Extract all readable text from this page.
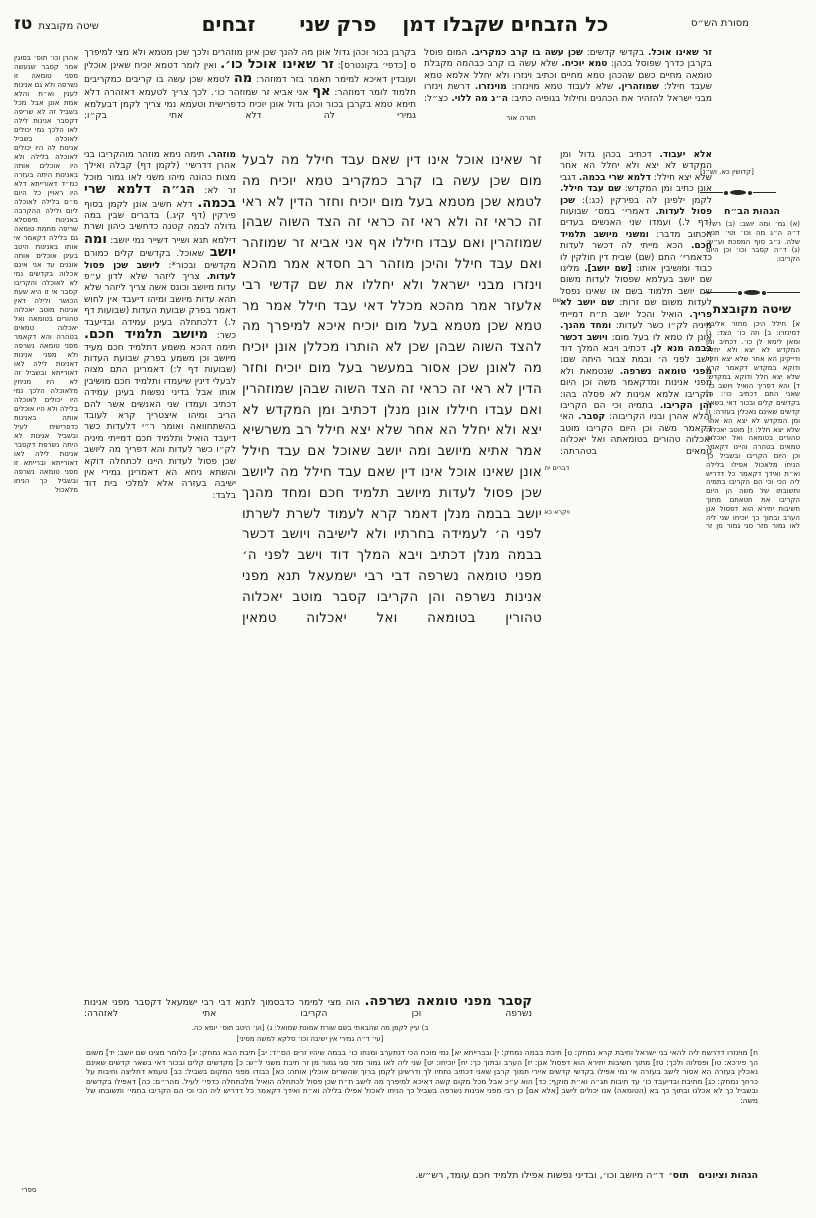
טז שיטה מקובצת	כל הזבחים שקבלו דמןפרק שניזבחים	מסורת הש״ס
אהרן וכו׳ תוס׳ בסוגין אמר קסבר שנעשה מפני טומאה זו נשרפה ולא גם אנינות לענין וא״ת והלא אמת אונן אבל מכל בשביל זה לא שריפה דקסבר אנינות לילה לאו הלכך נמי יכולים לאוכלה בשביל אנינות לה היו יכולים לאוכלה בלילה ולא היו אוכלים אותה באנינות היתה בעזרה כמ״ד דאורייתא דלא היו ראויין כל היום מ״ם בלילה לאוכלה ליום ולילה ההקרבה באנינות מיפסלא שריפה מחמת טומאה גם בלילה דקאמר אי אותו באנינות היטב בעינן אוכלים אותה אוננים עד אני אינם אכלוה בקדשים נמי לא לאוכלה והקריבו קסבר אי זו היא שעת הכושר ולילה דאין אנינות מוטב יאכלוה טהורים בטומאה ואל יאכלוה טמאים בטהרה והא דקאמר מפני טומאה נשרפה ולא מפני אנינות דאנינות לילה לאו דאורייתא ובשביל זה לא היו מניחין מלאוכלה הלכך נמי היו יכולים לאוכלה בלילה ולא היו אוכלים אותה באנינות כדפרישית לעיל ובשביל אגינות לא היתה נשרפת דקסבר אנינות לילה לאו דאורייתא וברייתא זו מפני טומאה נשרפה ובשביל כך הניחו מלאכול
בקרבן בכור וכהן גדול אונן מה להנך שכן אינן מוזהרים ולכך שכן מטמא ולא מצי למיפרך ס [כדפי׳ בקונטרס]: זר שאינו אוכל כו׳. ואין לומר דטמא יוכיח שאינן אוכלין ועובדין דאיכא למימר תאמר בזר דמוזהר: מה לטמא שכן עשה בו קריבים כמקריבים תלמוד לומר דמוזהר: אף אני אביא זר שמוזהר כו׳. לכך צריך לטעמא דאזהרה דלא תימא טמא בקרבן בכור וכהן גדול אונן יוכיח כדפרישית וטעמא נמי צריך לקמן דבעלמא גמירי לה דלא אתי בק״ו:
זר שאינו אוכל. בקדשי קדשים: שכן עשה בו קרב כמקריב. המום פוסל בקרבן כדרך שפוסל בכהן: טמא יוכיח. שלא עשה בו קרב כבהמה מקבלת טומאה מחיים כשם שהכהן טמא מחיים וכתיב וינזרו ולא יחלל אלמא טמא שעבד חילל: שמוזהרין. שלא לעבוד טמא מוינזרו: מוינזרו. דרשת וינזרו מבני ישראל להזהיר את הכהנים וחילול בגופיה כתיב: ה״ג מה ללוי. כצ״ל:
תורה אור
מוזהר. תימה נימא מוזהר מוהקריבו בני אהרן דדרשי׳ (לקמן דף) קבלה ואילך מצות כהונה מיהו משני לאו גמור מוכל זר לא: הג״ה דלמא שרי בכמה. דלא חשיב אונן לקמן בסוף פירקין (דף קיג.) בדברים שבין במה גדולה לבמה קטנה כדחשיב כיהון ושרת דילמא תנא ושייר דשייר נמי יושב: ומה יושב שאוכל. בקדשים קלים כמורם מקדשים ובכור*: ליושב שכן פסול לעדות. צריך ליזהר שלא לדון ע״פ עדות מיושב וכונס אשה צריך ליזהר שלא תהא עדות מיושב ומיהו דיעבד אין לחוש דאמר בפרק שבועת העדות (שבועות דף ל.) דלכתחלה בעינן עמידה ובדיעבד כשר: מיושב תלמיד חכם. תימה דהכא משמע דתלמיד חכם מעיד מיושב וכן משמע בפרק שבועת העדות (שבועות דף ל:) דאמרינן התם מצוה לבעלי דינין שיעמדו ותלמיד חכם מושיבין אותו אבל בדיני נפשות בעינן עמידה דכתיב ועמדו שני האנשים אשר להם הריב ומיהו איצטריך קרא לעובד בהשתחוואה ואומר ר״י דלעדות כשר דיעבד הואיל ותלמיד חכם דמייתי מיניה לק״ו כשר לעדות והא דפריך מה ליושב שכן פסול לעדות היינו לכתחלה דוקא והשתא ניחא הא דאמרינן גמירי אין ישיבה בעזרה אלא למלכי בית דוד בלבד:
זר שאינו אוכל אינו דין שאם עבד חילל מה לבעל מום שכן עשה בו קרב כמקריב טמא יוכיח מה לטמא שכן מטמא בעל מום יוכיח וחזר הדין לא ראי זה כראי זה ולא ראי זה כראי זה הצד השוה שבהן שמוזהרין ואם עבדו חיללו אף אני אביא זר שמוזהר ואם עבד חילל והיכן מוזהר רב חסדא אמר מהכא וינזרו מבני ישראל ולא יחללו את שם קדשי רבי אלעזר אמר מהכא מכלל דאי עבד חילל אמר מר טמא שכן מטמא בעל מום יוכיח איכא למיפרך מה להצד השוה שבהן שכן לא הותרו מכללן אונן יוכיח מה לאונן שכן אסור במעשר בעל מום יוכיח וחזר הדין לא ראי זה כראי זה הצד השוה שבהן שמוזהרין ואם עבדו חיללו אונן מנלן דכתיב ומן המקדש לא יצא ולא יחלל הא אחר שלא יצא חילל רב משרשיא אמר אתיא מיושב ומה יושב שאוכל אם עבד חילל אונן שאינו אוכל אינו דין שאם עבד חילל מה ליושב שכן פסול לעדות מיושב תלמיד חכם ומחד מהנך יושב בבמה מנלן דאמר קרא לעמוד לשרת לשרתו לפני ה׳ לעמידה בחרתיו ולא לישיבה ויושב דכשר בבמה מנלן דכתיב ויבא המלך דוד וישב לפני ה׳ מפני טומאה נשרפה דבי רבי ישמעאל תנא מפני אנינות נשרפה והן הקריבו קסבר מוטב יאכלוה טהורין בטומאה ואל יאכלוה טמאין
שם
דברים יח
ויקרא כא
אלא יעבוד. דכתיב בכהן גדול ומן המקדש לא יצא ולא יחלל הא אחר שלא יצא חילל: דלמא שרי בכמה. דגבי אונן כתיב ומן המקדש: שם עבד חילל. לקמן ילפינן לה בפירקין (כג:): שכן פסול לעדות. דאמרי׳ במס׳ שבועות (דף ל.) ועמדו שני האנשים בעדים הכתוב מדבר: ומשני מיושב תלמיד חכם. הכא מייתי לה דכשר לעדות כדאמרי׳ התם (שם) שבית דין חולקין לו כבוד ומושיבין אותו: [שם יושב]. מליגו שם יושב בעלמא שפסול לעדות משום שם יושב תלמוד בשם או שאינו נפסל לעדות משום שם זרות: שם יושב לא פריך. הואיל והכל יושב ת״ח דמייתי מיניה לק״ו כשר לעדות: ומחד מהנך. אונן לו טמא לו בעל מום: ויושב דכשר בבמה מנא לן. דכתיב ויבא המלך דוד וישב לפני ה׳ ובמת צבור היתה שם: מפני טומאה נשרפה. שנטמאת ולא מפני אנינות ומדקאמר משה וכן היום הקריבו אלמא אנינות לא פסלה בהו: והן הקריבו. בתמיה וכי הם הקריבו והלא אהרן ובניו הקריבוה: קסבר. האי דקאמר משה וכן היום הקריבו מוטב יאכלוה טהורים בטומאתה ואל יאכלוה טמאים בטהרתה:
[קדושין כא. וש״נ]
הגהות הב״ח
(א) גמ׳ ומה יושב: (ב) רש״י ד״ה ה״ג מה וכו׳ וטי׳ תניא שלה. נ״ב סוף המסכת וע״ש: (ג) ד״ה קסבר וכו׳ וכן היום הקריבו:
שיטה מקובצת
א] חילל היכן מחזר אליבא דמינזרו: ב] וזה כו׳ הצד: ג] ומאן לימא לן כו׳. דכתיב ומן המקדש לא יצא ולא יחלל ודייקינן הא אחר שלא יצא חלל ודוקא במקדש דקאמר קרא שלא יצא חלל ודוקא במקדש: ד] והא דפריך הואיל ויושב כו׳ שאני התם דכתיב כו׳: ה] בקדשים קלים ובכור דאי בשאר קדשים שאינם נאכלין בעזרה: ו] ומן המקדש לא יצא הא אחר שלא יצא חלל: ז] מוטב יאכלוה טהורים בטומאה ואל יאכלוה טמאים בטהרה והיינו דקאמר וכן היום הקריבו ובשביל כך הניחו מלאכול אפילו בלילה וא״ת ואידך דקאמר כל דדריש ליה הכי וכי הם הקריבו בתמיה ותשובתו של משה הן היום הקריבו את חטאתם מתוך חשיבות יתירא הוא דפסול אנן הערב ובתוך כך יוכיחו שני ליה לאו גמור מזר סגי גמור מן זר
קסבר מפני טומאה נשרפה. הוה מצי למימר כדבסמוך לתנא דבי רבי ישמעאל דקסבר מפני אנינות נשרפה וכן הקריבו אתי לאזהרה:
ב) עיין לקמן מה שהבאתי בשם שורת אמונת שמואל: ג) [וע׳ היטב תוס׳ יומא כה.
[עי׳ ד״ה גמירי אין ישיבה וכו׳ סלקא למשה מסיני]
ח] מוינזרו דדרשת ליה להאי בני ישראל וחיבת קרא נמחק: ט] תיבת בבמה נמחק: י] ובברייתא יא] נמי מוכח הכי דנתערב ומנחו כו׳ בבמה שיהיו זרים הס״ד: יב] תיבת הבא נמחק: יג] כלומר מצינו שם יושב: יד] משום הך פירכא: טו] ופסלוה ולכך: טז] מתוך חשיבות יתירא הוא דפסול אנן: יז] הערב ובתוך כך: יח] יוכיחו: יט] שני ליה לאו גמור מזר סגי גמור מן זר תיבת משני ל״ש: כ] מקדשים קלים ובכור דאי בשאר קדשים שאינם נאכלין בעזרה הא אסור לישב בעזרה אי נמי אפילו בקדשי קדשים איירי תמוך קרבן שאני דכתיב נתתיו לך ודרשינן לקמן ברוך שהשרים אוכלין אותה: כא] כבודו מפני המקום בשביל: כב] טעמא דחליצה וחיבות על כרחך נמחק: כג] מתיבת ובדיעבד כו׳ עד תיבות תג״ה וא״ת מוקף: כד] הוא ע״כ אבל מכל מקום קשה דאיכא למיפרך מה לישב ת״ח שכן פסול לכתחלה הואיל מלכתחלה כדפי׳ לעיל. מהר״ם: כה] דאפילו בקדשים ובשביל כך לא אכלנו ובתוך כך בא (הטומאה) אנו יכולים לישב [אלא אם] כן רבי מפני אנינות נשרפה בשביל כך הניחו לאכול אפילו בלילה וא״ת ואידך דקאמר כל דדריש ליה הכי וכי הם הקריבו בתמי׳ ותשובתו של משה:
הגהות וציונים תוס׳ ד״ה מיושב וכו׳, ובדיני נפשות אפילו תלמיד חכם עומד, רש״ש.
ספרי
